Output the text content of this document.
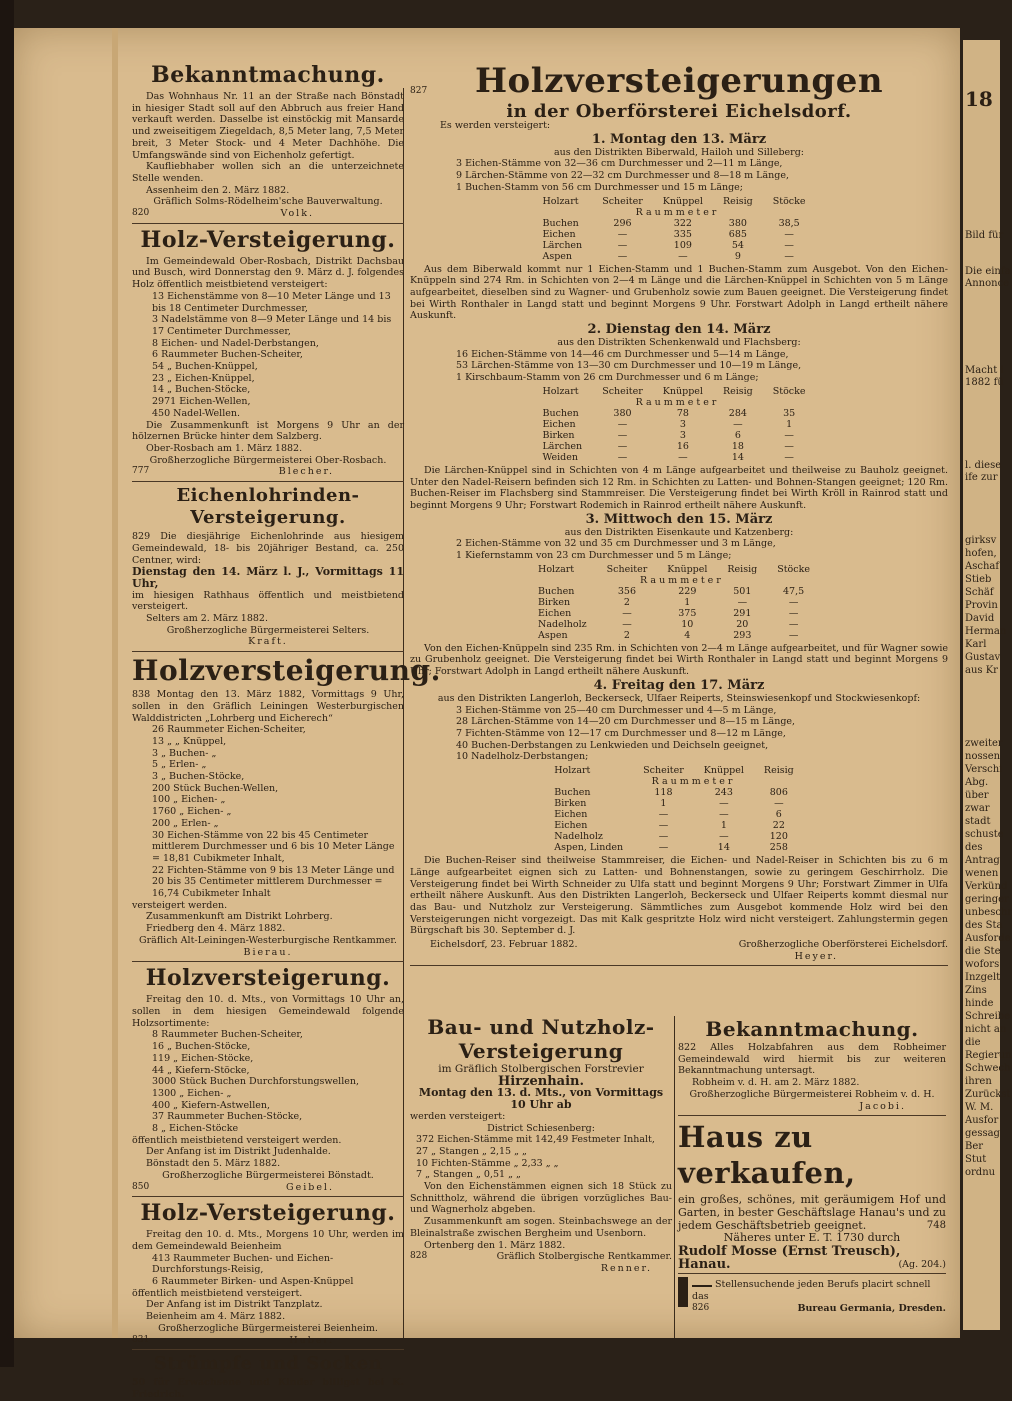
Bekanntmachung.

Das Wohnhaus Nr. 11 an der Straße nach Bönstadt in hiesiger Stadt soll auf den Abbruch aus freier Hand verkauft werden. Dasselbe ist einstöckig mit Mansarde und zweiseitigem Ziegeldach, 8,5 Meter lang, 7,5 Meter breit, 3 Meter Stock- und 4 Meter Dachhöhe. Die Umfangswände sind von Eichenholz gefertigt.

Kaufliebhaber wollen sich an die unterzeichnete Stelle wenden.

Assenheim den 2. März 1882.

Gräflich Solms-Rödelheim'sche Bauverwaltung.

820	Volk.
Holz-Versteigerung.

Im Gemeindewald Ober-Rosbach, Distrikt Dachsbau und Busch, wird Donnerstag den 9. März d. J. folgendes Holz öffentlich meistbietend versteigert:

13 Eichenstämme von 8—10 Meter Länge und 13 bis 18 Centimeter Durchmesser,
3 Nadelstämme von 8—9 Meter Länge und 14 bis 17 Centimeter Durchmesser,
8 Eichen- und Nadel-Derbstangen,
6 Raummeter Buchen-Scheiter,
54 „ Buchen-Knüppel,
23 „ Eichen-Knüppel,
14 „ Buchen-Stöcke,
2971 Eichen-Wellen,
450 Nadel-Wellen.

Die Zusammenkunft ist Morgens 9 Uhr an der hölzernen Brücke hinter dem Salzberg.

Ober-Rosbach am 1. März 1882.

Großherzogliche Bürgermeisterei Ober-Rosbach.

777	Blecher.
Eichenlohrinden-Versteigerung.

829 Die diesjährige Eichenlohrinde aus hiesigem Gemeindewald, 18- bis 20jähriger Bestand, ca. 250 Centner, wird:

Dienstag den 14. März l. J., Vormittags 11 Uhr,

im hiesigen Rathhaus öffentlich und meistbietend versteigert.

Selters am 2. März 1882.

Großherzogliche Bürgermeisterei Selters.

Kraft.

Holzversteigerung.

838 Montag den 13. März 1882, Vormittags 9 Uhr, sollen in den Gräflich Leiningen Westerburgischen Walddistricten „Lohrberg und Eicherech“

26 Raummeter Eichen-Scheiter,
13 „ „ Knüppel,
3 „ Buchen- „
5 „ Erlen- „
3 „ Buchen-Stöcke,
200 Stück Buchen-Wellen,
100 „ Eichen- „
1760 „ Eichen- „
200 „ Erlen- „
30 Eichen-Stämme von 22 bis 45 Centimeter mittlerem Durchmesser und 6 bis 10 Meter Länge = 18,81 Cubikmeter Inhalt,
22 Fichten-Stämme von 9 bis 13 Meter Länge und 20 bis 35 Centimeter mittlerem Durchmesser = 16,74 Cubikmeter Inhalt

versteigert werden.

Zusammenkunft am Distrikt Lohrberg.

Friedberg den 4. März 1882.

Gräflich Alt-Leiningen-Westerburgische Rentkammer.

Bierau.

Holzversteigerung.

Freitag den 10. d. Mts., von Vormittags 10 Uhr an, sollen in dem hiesigen Gemeindewald folgende Holzsortimente:

8 Raummeter Buchen-Scheiter,
16 „ Buchen-Stöcke,
119 „ Eichen-Stöcke,
44 „ Kiefern-Stöcke,
3000 Stück Buchen Durchforstungswellen,
1300 „ Eichen- „
400 „ Kiefern-Astwellen,
37 Raummeter Buchen-Stöcke,
8 „ Eichen-Stöcke

öffentlich meistbietend versteigert werden.

Der Anfang ist im Distrikt Judenhalde.

Bönstadt den 5. März 1882.

Großherzogliche Bürgermeisterei Bönstadt.

850	Geibel.
Holz-Versteigerung.

Freitag den 10. d. Mts., Morgens 10 Uhr, werden im dem Gemeindewald Beienheim

413 Raummeter Buchen- und Eichen-Durchforstungs-Reisig,
6 Raummeter Birken- und Aspen-Knüppel

öffentlich meistbietend versteigert.

Der Anfang ist im Distrikt Tanzplatz.

Beienheim am 4. März 1882.

Großherzogliche Bürgermeisterei Beienheim.

831	Huber.
Strümpfe und Socken

50 für Erwachsene und Kinder billigst bei K. Friedrich.

827	Holzversteigerungen
in der Oberförsterei Eichelsdorf.

Es werden versteigert:

1. Montag den 13. März
aus den Distrikten Biberwald, Hailoh und Silleberg:
3 Eichen-Stämme von 32—36 cm Durchmesser und 2—11 m Länge,
9 Lärchen-Stämme von 22—32 cm Durchmesser und 8—18 m Länge,
1 Buchen-Stamm von 56 cm Durchmesser und 15 m Länge;
Holzart	Scheiter	Knüppel	Reisig	Stöcke
	Raummeter			
Buchen	296	322	380	38,5
Eichen	—	335	685	—
Lärchen	—	109	54	—
Aspen	—	—	9	—

Aus dem Biberwald kommt nur 1 Eichen-Stamm und 1 Buchen-Stamm zum Ausgebot. Von den Eichen-Knüppeln sind 274 Rm. in Schichten von 2—4 m Länge und die Lärchen-Knüppel in Schichten von 5 m Länge aufgearbeitet, dieselben sind zu Wagner- und Grubenholz sowie zum Bauen geeignet. Die Versteigerung findet bei Wirth Ronthaler in Langd statt und beginnt Morgens 9 Uhr. Forstwart Adolph in Langd ertheilt nähere Auskunft.

2. Dienstag den 14. März
aus den Distrikten Schenkenwald und Flachsberg:
16 Eichen-Stämme von 14—46 cm Durchmesser und 5—14 m Länge,
53 Lärchen-Stämme von 13—30 cm Durchmesser und 10—19 m Länge,
1 Kirschbaum-Stamm von 26 cm Durchmesser und 6 m Länge;
Holzart	Scheiter	Knüppel	Reisig	Stöcke
	Raummeter			
Buchen	380	78	284	35
Eichen	—	3	—	1
Birken	—	3	6	—
Lärchen	—	16	18	—
Weiden	—	—	14	—

Die Lärchen-Knüppel sind in Schichten von 4 m Länge aufgearbeitet und theilweise zu Bauholz geeignet. Unter den Nadel-Reisern befinden sich 12 Rm. in Schichten zu Latten- und Bohnen-Stangen geeignet; 120 Rm. Buchen-Reiser im Flachsberg sind Stammreiser. Die Versteigerung findet bei Wirth Kröll in Rainrod statt und beginnt Morgens 9 Uhr; Forstwart Rodemich in Rainrod ertheilt nähere Auskunft.

3. Mittwoch den 15. März
aus den Distrikten Eisenkaute und Katzenberg:
2 Eichen-Stämme von 32 und 35 cm Durchmesser und 3 m Länge,
1 Kiefernstamm von 23 cm Durchmesser und 5 m Länge;
Holzart	Scheiter	Knüppel	Reisig	Stöcke
	Raummeter			
Buchen	356	229	501	47,5
Birken	2	1	—	—
Eichen	—	375	291	—
Nadelholz	—	10	20	—
Aspen	2	4	293	—

Von den Eichen-Knüppeln sind 235 Rm. in Schichten von 2—4 m Länge aufgearbeitet, und für Wagner sowie zu Grubenholz geeignet. Die Versteigerung findet bei Wirth Ronthaler in Langd statt und beginnt Morgens 9 Uhr; Forstwart Adolph in Langd ertheilt nähere Auskunft.

4. Freitag den 17. März
aus den Distrikten Langerloh, Beckerseck, Ulfaer Reiperts, Steinswiesenkopf und Stockwiesenkopf:
3 Eichen-Stämme von 25—40 cm Durchmesser und 4—5 m Länge,
28 Lärchen-Stämme von 14—20 cm Durchmesser und 8—15 m Länge,
7 Fichten-Stämme von 12—17 cm Durchmesser und 8—12 m Länge,
40 Buchen-Derbstangen zu Lenkwieden und Deichseln geeignet,
10 Nadelholz-Derbstangen;
Holzart	Scheiter	Knüppel	Reisig
	Raummeter		
Buchen	118	243	806
Birken	1	—	—
Eichen	—	—	6
Eichen	—	1	22
Nadelholz	—	—	120
Aspen, Linden	—	14	258

Die Buchen-Reiser sind theilweise Stammreiser, die Eichen- und Nadel-Reiser in Schichten bis zu 6 m Länge aufgearbeitet eignen sich zu Latten- und Bohnenstangen, sowie zu geringem Geschirrholz. Die Versteigerung findet bei Wirth Schneider zu Ulfa statt und beginnt Morgens 9 Uhr; Forstwart Zimmer in Ulfa ertheilt nähere Auskunft. Aus den Distrikten Langerloh, Beckerseck und Ulfaer Reiperts kommt diesmal nur das Bau- und Nutzholz zur Versteigerung. Sämmtliches zum Ausgebot kommende Holz wird bei den Versteigerungen nicht vorgezeigt. Das mit Kalk gespritzte Holz wird nicht versteigert. Zahlungstermin gegen Bürgschaft bis 30. September d. J.

Eichelsdorf, 23. Februar 1882.	Großherzogliche Oberförsterei Eichelsdorf.
Heyer.
Bau- und Nutzholz-
Versteigerung
im Gräflich Stolbergischen Forstrevier
Hirzenhain.
Montag den 13. d. Mts., von Vormittags 10 Uhr ab

werden versteigert:

District Schiesenberg:

372 Eichen-Stämme mit 142,49 Festmeter Inhalt,
27 „ Stangen „ 2,15 „ „
10 Fichten-Stämme „ 2,33 „ „
7 „ Stangen „ 0,51 „ „

Von den Eichenstämmen eignen sich 18 Stück zu Schnittholz, während die übrigen vorzügliches Bau- und Wagnerholz abgeben.

Zusammenkunft am sogen. Steinbachswege an der Bleinalstraße zwischen Bergheim und Usenborn.

Ortenberg den 1. März 1882.

828	Gräflich Stolbergische Rentkammer.
Renner.
Bekanntmachung.

822 Alles Holzabfahren aus dem Robheimer Gemeindewald wird hiermit bis zur weiteren Bekanntmachung untersagt.

Robheim v. d. H. am 2. März 1882.

Großherzogliche Bürgermeisterei Robheim v. d. H.

Jacobi.
Haus zu verkaufen,

ein großes, schönes, mit geräumigem Hof und Garten, in bester Geschäftslage Hanau's und zu jedem Geschäftsbetrieb geeignet.	748

Näheres unter E. T. 1730 durch

Rudolf Mosse (Ernst Treusch),
Hanau.	(Ag. 204.)
Stellensuchende jeden Berufs placirt schnell das
826	Bureau Germania, Dresden.
18
Bild für
Die einfa
Annonce
Macht i
1882 fü
l. diese
ife zur
girksv
hofen,
Aschaf
Stieb
Schäf
Provin
David
Herman
Karl
Gustav
aus Kr
zweiter
nossen
Verschi
Abg.
über
zwar
stadt
schuste
des
Antrag
wenen
Verkünd
geringer
unbeschr
des Sta
Ausforde
die Ste
wofors
Inzgelt
Zins
hinde
Schreibe
nicht an
die
Regierun
Schwech
ihren
Zurückst
W. M.
Ausfor
gessag
Ber
Stut
ordnu
